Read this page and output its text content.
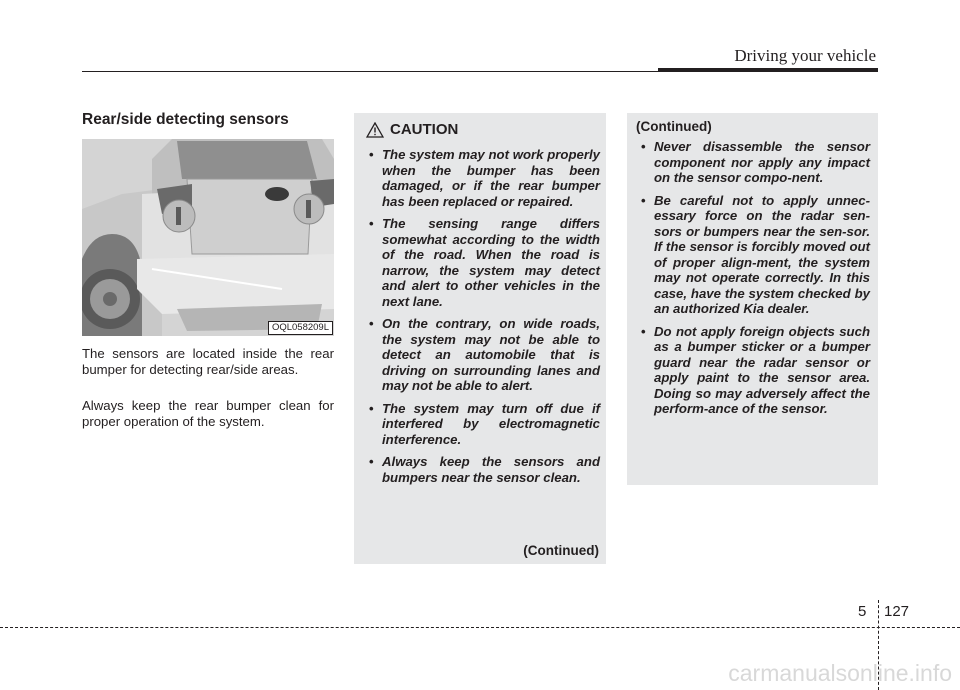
Driving your vehicle
Rear/side detecting sensors
OQL058209L

The sensors are located inside the rear bumper for detecting rear/side areas.

Always keep the rear bumper clean for proper operation of the system.

CAUTION
• The system may not work properly when the bumper has been damaged, or if the rear bumper has been replaced or repaired.
• The sensing range differs somewhat according to the width of the road. When the road is narrow, the system may detect and alert to other vehicles in the next lane.
• On the contrary, on wide roads, the system may not be able to detect an automobile that is driving on surrounding lanes and may not be able to alert.
• The system may turn off due if interfered by electromagnetic interference.
• Always keep the sensors and bumpers near the sensor clean.
(Continued)
(Continued)
• Never disassemble the sensor component nor apply any impact on the sensor compo-nent.
• Be careful not to apply unnec-essary force on the radar sen-sors or bumpers near the sen-sor. If the sensor is forcibly moved out of proper align-ment, the system may not operate correctly. In this case, have the system checked by an authorized Kia dealer.
• Do not apply foreign objects such as a bumper sticker or a bumper guard near the radar sensor or apply paint to the sensor area. Doing so may adversely affect the perform-ance of the sensor.
5 127
carmanualsonline.info
